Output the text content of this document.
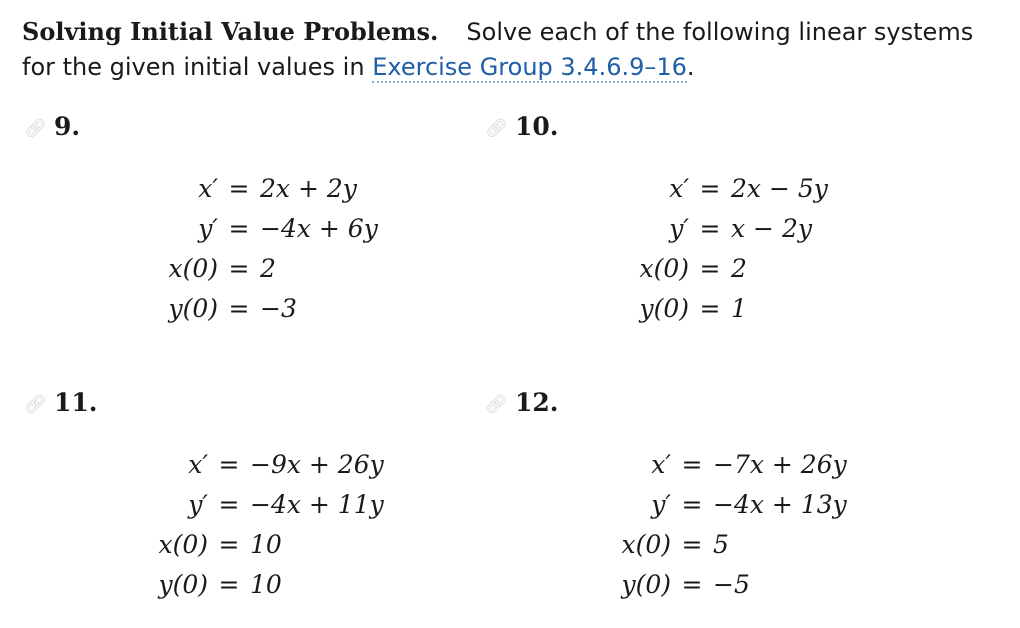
Solving Initial Value Problems. Solve each of the following linear systems for the given initial values in Exercise Group 3.4.6.9–16.
🔗︎ 9.
x′ = 2x + 2y
y′ = −4x + 6y
x(0) = 2
y(0) = −3
🔗︎ 10.
x′ = 2x − 5y
y′ = x − 2y
x(0) = 2
y(0) = 1
🔗︎ 11.
x′ = −9x + 26y
y′ = −4x + 11y
x(0) = 10
y(0) = 10
🔗︎ 12.
x′ = −7x + 26y
y′ = −4x + 13y
x(0) = 5
y(0) = −5
